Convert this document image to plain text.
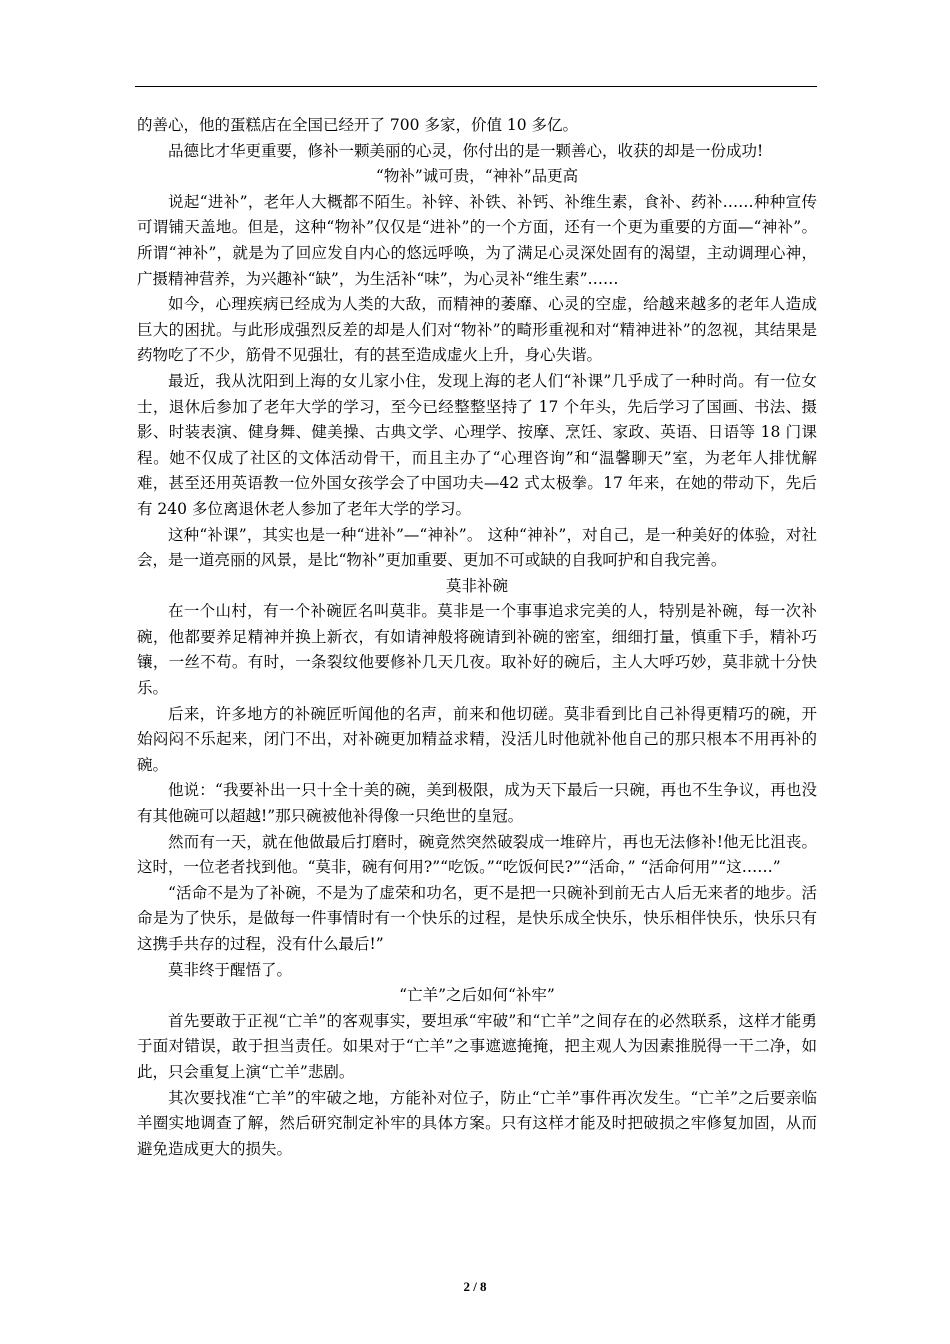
的善心，他的蛋糕店在全国已经开了 700 多家，价值 10 多亿。

品德比才华更重要，修补一颗美丽的心灵，你付出的是一颗善心，收获的却是一份成功!

“物补”诚可贵，“神补”品更高

说起“进补”，老年人大概都不陌生。补锌、补铁、补钙、补维生素，食补、药补……种种宣传可谓铺天盖地。但是，这种“物补”仅仅是“进补”的一个方面，还有一个更为重要的方面—“神补”。所谓“神补”，就是为了回应发自内心的悠远呼唤，为了满足心灵深处固有的渴望，主动调理心神，广摄精神营养，为兴趣补“缺”，为生活补“味”，为心灵补“维生素”……

如今，心理疾病已经成为人类的大敌，而精神的萎靡、心灵的空虚，给越来越多的老年人造成巨大的困扰。与此形成强烈反差的却是人们对“物补”的畸形重视和对“精神进补”的忽视，其结果是药物吃了不少，筋骨不见强壮，有的甚至造成虚火上升，身心失谐。

最近，我从沈阳到上海的女儿家小住，发现上海的老人们“补课”几乎成了一种时尚。有一位女士，退休后参加了老年大学的学习，至今已经整整坚持了 17 个年头，先后学习了国画、书法、摄影、时装表演、健身舞、健美操、古典文学、心理学、按摩、烹饪、家政、英语、日语等 18 门课程。她不仅成了社区的文体活动骨干，而且主办了“心理咨询”和“温馨聊天”室，为老年人排忧解难，甚至还用英语教一位外国女孩学会了中国功夫—42 式太极拳。17 年来，在她的带动下，先后有 240 多位离退休老人参加了老年大学的学习。

这种“补课”，其实也是一种“进补”—“神补”。 这种“神补”，对自己，是一种美好的体验，对社会，是一道亮丽的风景，是比“物补”更加重要、更加不可或缺的自我呵护和自我完善。

莫非补碗

在一个山村，有一个补碗匠名叫莫非。莫非是一个事事追求完美的人，特别是补碗，每一次补碗，他都要养足精神并换上新衣，有如请神般将碗请到补碗的密室，细细打量，慎重下手，精补巧镶，一丝不苟。有时，一条裂纹他要修补几天几夜。取补好的碗后，主人大呼巧妙，莫非就十分快乐。

后来，许多地方的补碗匠听闻他的名声，前来和他切磋。莫非看到比自己补得更精巧的碗，开始闷闷不乐起来，闭门不出，对补碗更加精益求精，没活儿时他就补他自己的那只根本不用再补的碗。

他说：“我要补出一只十全十美的碗，美到极限，成为天下最后一只碗，再也不生争议，再也没有其他碗可以超越!”那只碗被他补得像一只绝世的皇冠。

然而有一天，就在他做最后打磨时，碗竟然突然破裂成一堆碎片，再也无法修补!他无比沮丧。这时，一位老者找到他。“莫非，碗有何用?”“吃饭。”“吃饭何民?”“活命，” “活命何用”“这……”

“活命不是为了补碗，不是为了虚荣和功名，更不是把一只碗补到前无古人后无来者的地步。活命是为了快乐，是做每一件事情时有一个快乐的过程，是快乐成全快乐，快乐相伴快乐，快乐只有这携手共存的过程，没有什么最后!”

莫非终于醒悟了。

“亡羊”之后如何“补牢”

首先要敢于正视“亡羊”的客观事实，要坦承“牢破”和“亡羊”之间存在的必然联系，这样才能勇于面对错误，敢于担当责任。如果对于“亡羊”之事遮遮掩掩，把主观人为因素推脱得一干二净，如此，只会重复上演“亡羊”悲剧。

其次要找准“亡羊”的牢破之地，方能补对位子，防止“亡羊”事件再次发生。“亡羊”之后要亲临羊圈实地调查了解，然后研究制定补牢的具体方案。只有这样才能及时把破损之牢修复加固，从而避免造成更大的损失。

2 / 8
